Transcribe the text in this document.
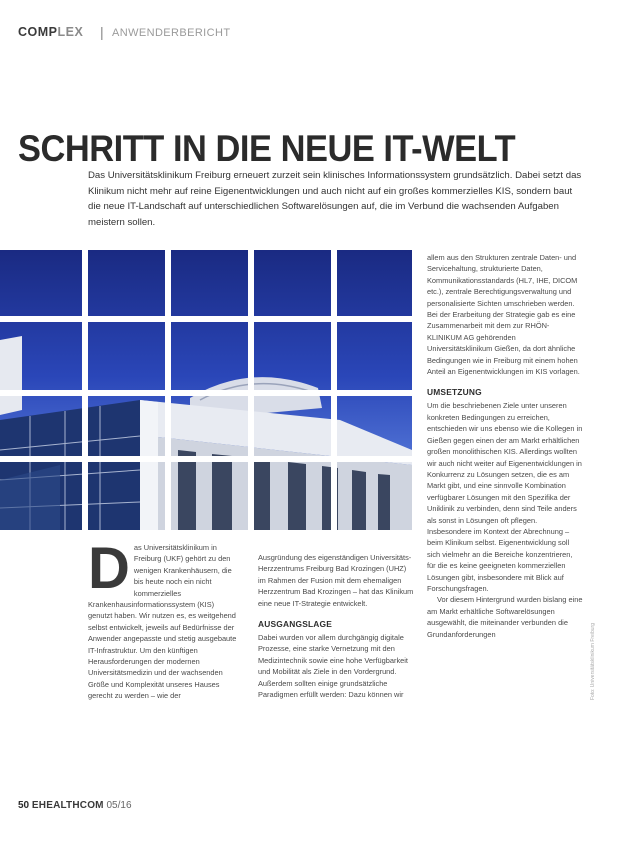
COMPLEX | ANWENDERBERICHT
SCHRITT IN DIE NEUE IT-WELT

Das Universitätsklinikum Freiburg erneuert zurzeit sein klinisches Informationssystem grundsätzlich. Dabei setzt das Klinikum nicht mehr auf reine Eigenentwicklungen und auch nicht auf ein großes kommerzielles KIS, sondern baut die neue IT-Landschaft auf unterschiedlichen Softwarelösungen auf, die im Verbund die wachsenden Aufgaben meistern sollen.

D as Universitätsklinikum in Freiburg (UKF) gehört zu den wenigen Krankenhäusern, die bis heute noch ein nicht kommerzielles Krankenhausinformationssystem (KIS) genutzt haben. Wir nutzen es, es weitgehend selbst entwickelt, jeweils auf Bedürfnisse der Anwender angepasste und stetig ausgebaute IT-Infrastruktur. Um den künftigen Herausforderungen der modernen Universitätsmedizin und der wachsenden Größe und Komplexität unseres Hauses gerecht zu werden – wie der

Ausgründung des eigenständigen Universitäts-Herzzentrums Freiburg Bad Krozingen (UHZ) im Rahmen der Fusion mit dem ehemaligen Herzzentrum Bad Krozingen – hat das Klinikum eine neue IT-Strategie entwickelt.

AUSGANGSLAGE

Dabei wurden vor allem durchgängig digitale Prozesse, eine starke Vernetzung mit den Medizintechnik sowie eine hohe Verfügbarkeit und Mobilität als Ziele in den Vordergrund. Außerdem sollten einige grundsätzliche Paradigmen erfüllt werden: Dazu können wir

allem aus den Strukturen zentrale Daten- und Servicehaltung, strukturierte Daten, Kommunikationsstandards (HL7, IHE, DICOM etc.), zentrale Berechtigungsverwaltung und personalisierte Sichten umschrieben werden. Bei der Erarbeitung der Strategie gab es eine Zusammenarbeit mit dem zur RHÖN-KLINIKUM AG gehörenden Universitätsklinikum Gießen, da dort ähnliche Bedingungen wie in Freiburg mit einem hohen Anteil an Eigenentwicklungen im KIS vorlagen.

UMSETZUNG

Um die beschriebenen Ziele unter unseren konkreten Bedingungen zu erreichen, entschieden wir uns ebenso wie die Kollegen in Gießen gegen einen der am Markt erhältlichen großen monolithischen KIS. Allerdings wollten wir auch nicht weiter auf Eigenentwicklungen in Konkurrenz zu Lösungen setzen, die es am Markt gibt, und eine sinnvolle Kombination verfügbarer Lösungen mit den Spezifika der Uniklinik zu verbinden, denn sind Teile anders als sonst in Lösungen oft pflegen. Insbesondere im Kontext der Abrechnung – beim Klinikum selbst. Eigenentwicklung soll sich vielmehr an die Bereiche konzentrieren, für die es keine geeigneten kommerziellen Lösungen gibt, insbesondere mit Blick auf Forschungsfragen.

Vor diesem Hintergrund wurden bislang eine am Markt erhältliche Softwarelösungen ausgewählt, die miteinander verbunden die Grundanforderungen

50 EHEALTHCOM 05/16
Foto: Universitätsklinikum Freiburg
